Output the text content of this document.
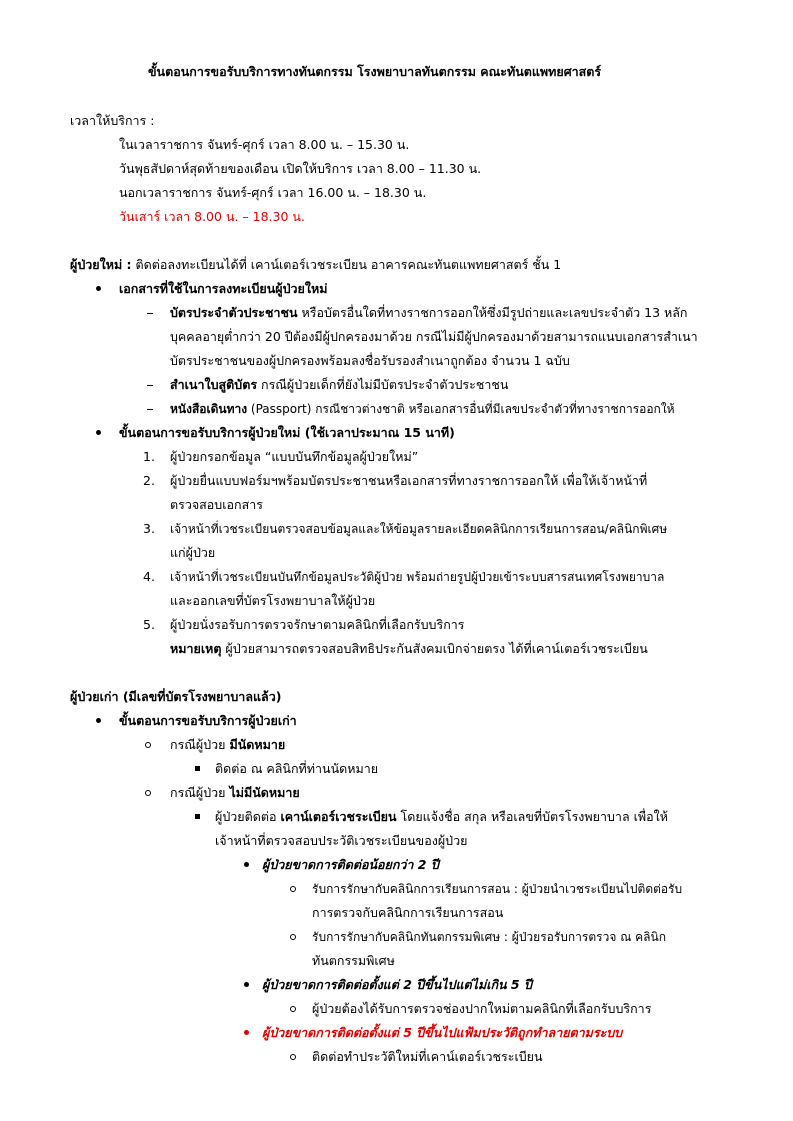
ขั้นตอนการขอรับบริการทางทันตกรรม โรงพยาบาลทันตกรรม คณะทันตแพทยศาสตร์
เวลาให้บริการ :
ในเวลาราชการ จันทร์-ศุกร์ เวลา 8.00 น. – 15.30 น.
วันพุธสัปดาห์สุดท้ายของเดือน เปิดให้บริการ เวลา 8.00 – 11.30 น.
นอกเวลาราชการ จันทร์-ศุกร์ เวลา 16.00 น. – 18.30 น.
วันเสาร์ เวลา 8.00 น. – 18.30 น.
ผู้ป่วยใหม่ : ติดต่อลงทะเบียนได้ที่ เคาน์เตอร์เวชระเบียน อาคารคณะทันตแพทยศาสตร์ ชั้น 1
เอกสารที่ใช้ในการลงทะเบียนผู้ป่วยใหม่
บัตรประจำตัวประชาชน หรือบัตรอื่นใดที่ทางราชการออกให้ซึ่งมีรูปถ่ายและเลขประจำตัว 13 หลัก
บุคคลอายุต่ำกว่า 20 ปีต้องมีผู้ปกครองมาด้วย กรณีไม่มีผู้ปกครองมาด้วยสามารถแนบเอกสารสำเนา
บัตรประชาชนของผู้ปกครองพร้อมลงชื่อรับรองสำเนาถูกต้อง จำนวน 1 ฉบับ
สำเนาใบสูติบัตร กรณีผู้ป่วยเด็กที่ยังไม่มีบัตรประจำตัวประชาชน
หนังสือเดินทาง (Passport) กรณีชาวต่างชาติ หรือเอกสารอื่นที่มีเลขประจำตัวที่ทางราชการออกให้
ขั้นตอนการขอรับบริการผู้ป่วยใหม่ (ใช้เวลาประมาณ 15 นาที)
1. ผู้ป่วยกรอกข้อมูล “แบบบันทึกข้อมูลผู้ป่วยใหม่”
2. ผู้ป่วยยื่นแบบฟอร์มฯพร้อมบัตรประชาชนหรือเอกสารที่ทางราชการออกให้ เพื่อให้เจ้าหน้าที่
ตรวจสอบเอกสาร
3. เจ้าหน้าที่เวชระเบียนตรวจสอบข้อมูลและให้ข้อมูลรายละเอียดคลินิกการเรียนการสอน/คลินิกพิเศษ
แก่ผู้ป่วย
4. เจ้าหน้าที่เวชระเบียนบันทึกข้อมูลประวัติผู้ป่วย พร้อมถ่ายรูปผู้ป่วยเข้าระบบสารสนเทศโรงพยาบาล
และออกเลขที่บัตรโรงพยาบาลให้ผู้ป่วย
5. ผู้ป่วยนั่งรอรับการตรวจรักษาตามคลินิกที่เลือกรับบริการ
หมายเหตุ ผู้ป่วยสามารถตรวจสอบสิทธิประกันสังคมเบิกจ่ายตรง ได้ที่เคาน์เตอร์เวชระเบียน
ผู้ป่วยเก่า (มีเลขที่บัตรโรงพยาบาลแล้ว)
ขั้นตอนการขอรับบริการผู้ป่วยเก่า
กรณีผู้ป่วย มีนัดหมาย
ติดต่อ ณ คลินิกที่ท่านนัดหมาย
กรณีผู้ป่วย ไม่มีนัดหมาย
ผู้ป่วยติดต่อ เคาน์เตอร์เวชระเบียน โดยแจ้งชื่อ สกุล หรือเลขที่บัตรโรงพยาบาล เพื่อให้
เจ้าหน้าที่ตรวจสอบประวัติเวชระเบียนของผู้ป่วย
ผู้ป่วยขาดการติดต่อน้อยกว่า 2 ปี
รับการรักษากับคลินิกการเรียนการสอน : ผู้ป่วยนำเวชระเบียนไปติดต่อรับ
การตรวจกับคลินิกการเรียนการสอน
รับการรักษากับคลินิกทันตกรรมพิเศษ : ผู้ป่วยรอรับการตรวจ ณ คลินิก
ทันตกรรมพิเศษ
ผู้ป่วยขาดการติดต่อตั้งแต่ 2 ปีขึ้นไปแต่ไม่เกิน 5 ปี
ผู้ป่วยต้องได้รับการตรวจช่องปากใหม่ตามคลินิกที่เลือกรับบริการ
ผู้ป่วยขาดการติดต่อตั้งแต่ 5 ปีขึ้นไปแฟ้มประวัติถูกทำลายตามระบบ
ติดต่อทำประวัติใหม่ที่เคาน์เตอร์เวชระเบียน
